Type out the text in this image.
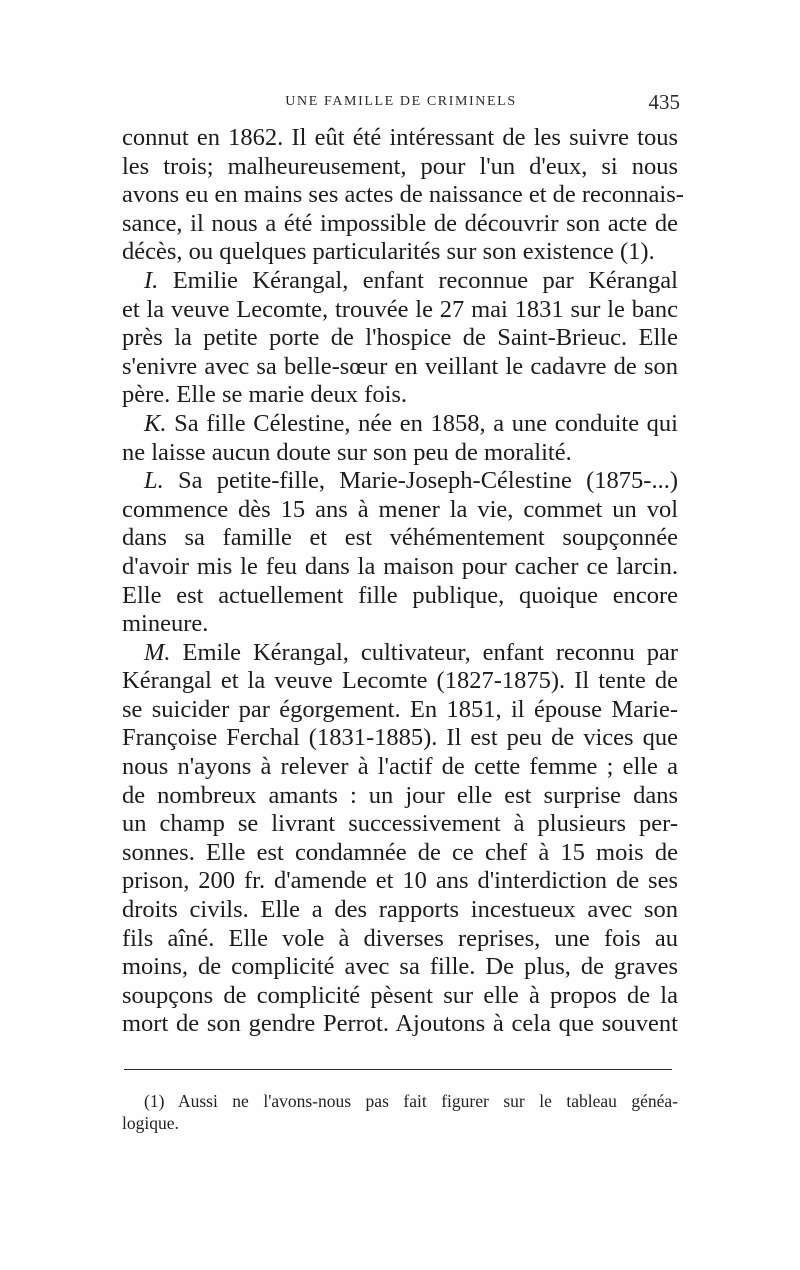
UNE FAMILLE DE CRIMINELS	435
connut en 1862. Il eût été intéressant de les suivre tous
les trois; malheureusement, pour l'un d'eux, si nous
avons eu en mains ses actes de naissance et de reconnais-
sance, il nous a été impossible de découvrir son acte de
décès, ou quelques particularités sur son existence (1).
I. Emilie Kérangal, enfant reconnue par Kérangal
et la veuve Lecomte, trouvée le 27 mai 1831 sur le banc
près la petite porte de l'hospice de Saint-Brieuc. Elle
s'enivre avec sa belle-sœur en veillant le cadavre de son
père. Elle se marie deux fois.
K. Sa fille Célestine, née en 1858, a une conduite qui
ne laisse aucun doute sur son peu de moralité.
L. Sa petite-fille, Marie-Joseph-Célestine (1875-...)
commence dès 15 ans à mener la vie, commet un vol
dans sa famille et est véhémentement soupçonnée
d'avoir mis le feu dans la maison pour cacher ce larcin.
Elle est actuellement fille publique, quoique encore
mineure.
M. Emile Kérangal, cultivateur, enfant reconnu par
Kérangal et la veuve Lecomte (1827-1875). Il tente de
se suicider par égorgement. En 1851, il épouse Marie-
Françoise Ferchal (1831-1885). Il est peu de vices que
nous n'ayons à relever à l'actif de cette femme ; elle a
de nombreux amants : un jour elle est surprise dans
un champ se livrant successivement à plusieurs per-
sonnes. Elle est condamnée de ce chef à 15 mois de
prison, 200 fr. d'amende et 10 ans d'interdiction de ses
droits civils. Elle a des rapports incestueux avec son
fils aîné. Elle vole à diverses reprises, une fois au
moins, de complicité avec sa fille. De plus, de graves
soupçons de complicité pèsent sur elle à propos de la
mort de son gendre Perrot. Ajoutons à cela que souvent
(1) Aussi ne l'avons-nous pas fait figurer sur le tableau généa-
logique.
